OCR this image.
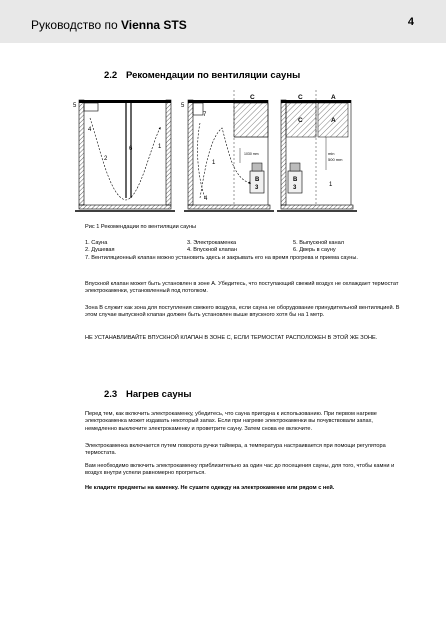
Руководство по Vienna STS	4
2.2 Рекомендации по вентиляции сауны
5
4
2
6	1
5
7
C
1
4
1030 mm
B
3
C	A
C	A
B
3	1
min
500 mm
Рис 1 Рекомендации по вентиляции сауны
1. Сауна	3. Электрокаменка	5. Выпускной канал
2. Душевая	4. Впускной клапан	6. Дверь в сауну
7. Вентиляционный клапан можно установить здесь и закрывать его на время прогрева и приема сауны.
Впускной клапан может быть установлен в зоне A. Убедитесь, что поступающий свежий воздух не охлаждает термостат электрокаменки, установленный под потолком.
Зона B служит как зона для поступления свежего воздуха, если сауна не оборудование принудительной вентиляцией. В этом случае выпускной клапан должен быть установлен выше впускного хотя бы на 1 метр.
НЕ УСТАНАВЛИВАЙТЕ ВПУСКНОЙ КЛАПАН В ЗОНЕ C, ЕСЛИ ТЕРМОСТАТ РАСПОЛОЖЕН В ЭТОЙ ЖЕ ЗОНЕ.
2.3 Нагрев сауны
Перед тем, как включить электрокаменку, убедитесь, что сауна пригодна к использованию. При первом нагреве электрокаменка может издавать некоторый запах. Если при нагреве электрокаменки вы почувствовали запах, немедленно выключите электрокаменку и проветрите сауну. Затем снова ее включите.
Электрокаменка включается путем поворота ручки таймера, а температура настраивается при помощи регулятора термостата.
Вам необходимо включить электрокаменку приблизительно за один час до посещения сауны, для того, чтобы камни и воздух внутри успели равномерно прогреться.
Не кладите предметы на каменку. Не сушите одежду на электрокаменке или рядом с ней.
